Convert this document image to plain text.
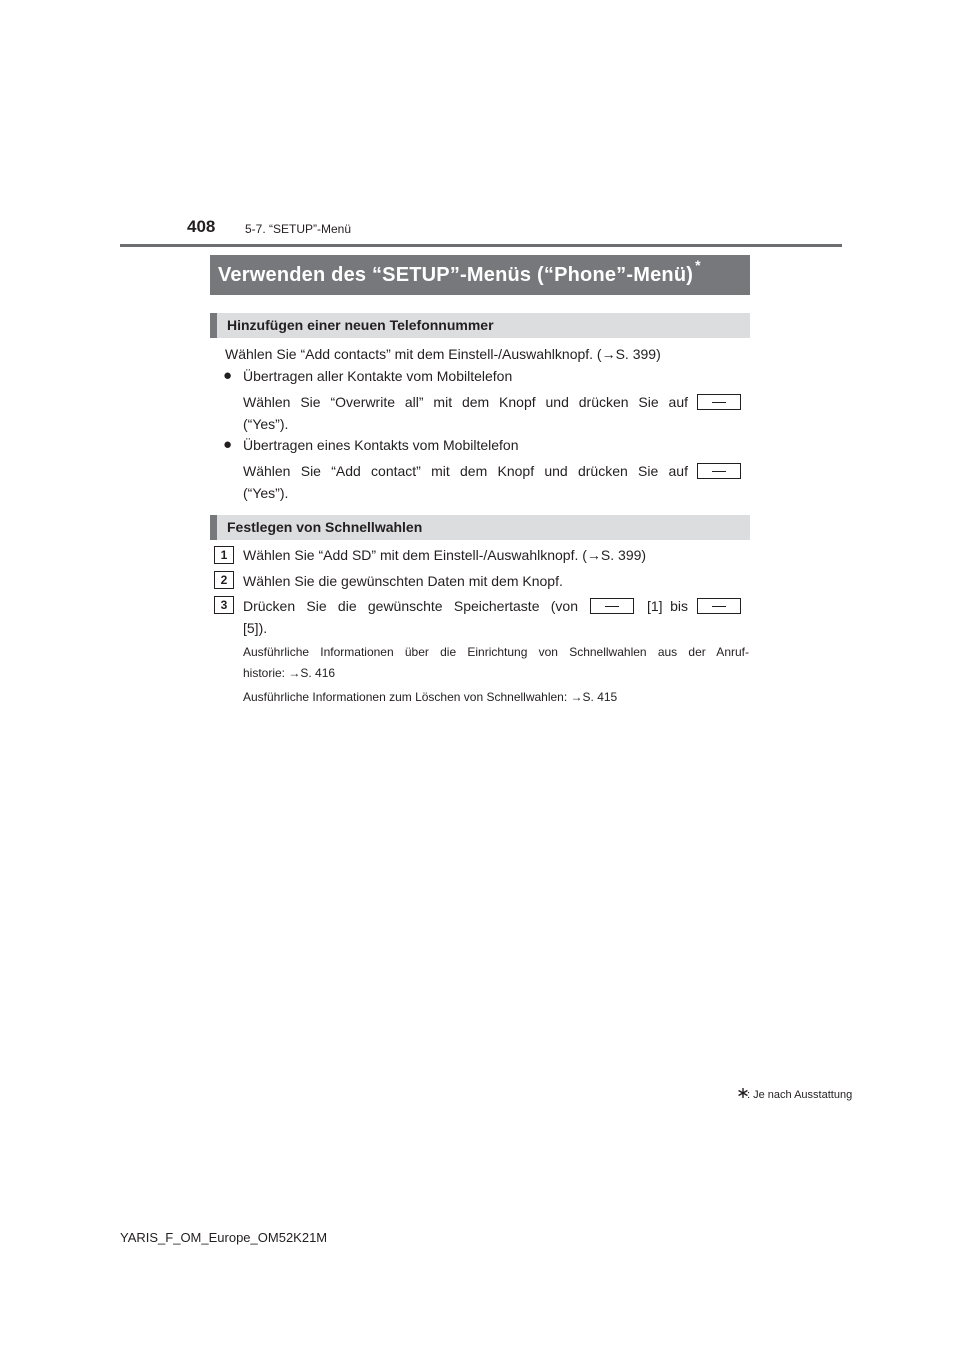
408 5-7. “SETUP”-Menü
Verwenden des “SETUP”-Menüs (“Phone”-Menü) *
Hinzufügen einer neuen Telefonnummer
Wählen Sie “Add contacts” mit dem Einstell-/Auswahlknopf. (→S. 399)
● Übertragen aller Kontakte vom Mobiltelefon
Wählen Sie “Overwrite all” mit dem Knopf und drücken Sie auf
(“Yes”).
● Übertragen eines Kontakts vom Mobiltelefon
Wählen Sie “Add contact” mit dem Knopf und drücken Sie auf
(“Yes”).
Festlegen von Schnellwahlen
1	Wählen Sie “Add SD” mit dem Einstell-/Auswahlknopf. (→S. 399)
2	Wählen Sie die gewünschten Daten mit dem Knopf.
3	Drücken Sie die gewünschte Speichertaste (von	[1] bis
[5]).
Ausführliche Informationen über die Einrichtung von Schnellwahlen aus der Anruf-
historie: →S. 416
Ausführliche Informationen zum Löschen von Schnellwahlen: →S. 415
: Je nach Ausstattung
YARIS_F_OM_Europe_OM52K21M
